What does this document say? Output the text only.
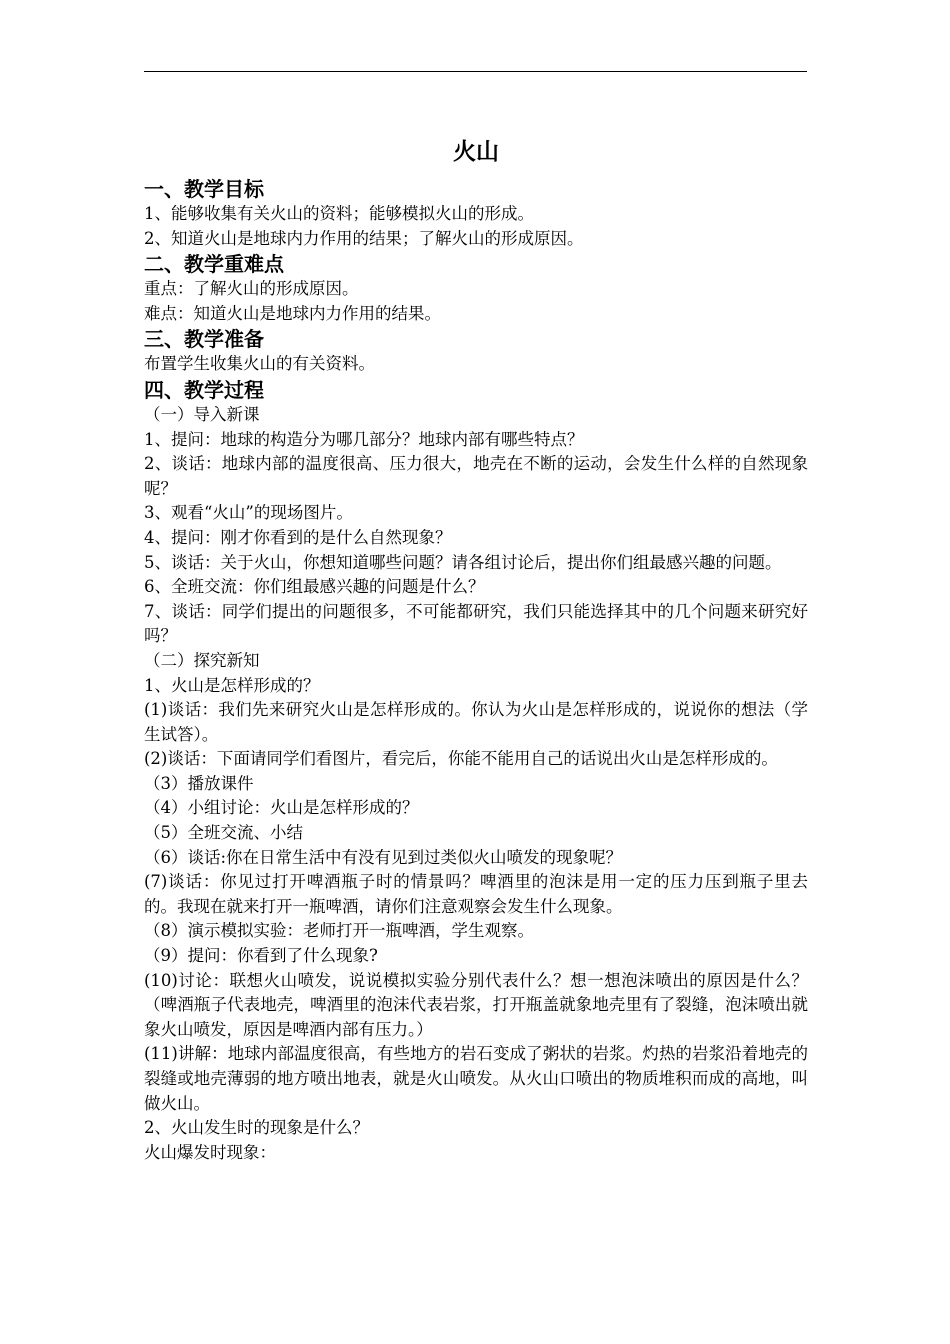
火山
一、教学目标

1、能够收集有关火山的资料；能够模拟火山的形成。

2、知道火山是地球内力作用的结果；了解火山的形成原因。

二、教学重难点

重点：了解火山的形成原因。

难点：知道火山是地球内力作用的结果。

三、教学准备

布置学生收集火山的有关资料。

四、教学过程

（一）导入新课

1、提问：地球的构造分为哪几部分？地球内部有哪些特点？

2、谈话：地球内部的温度很高、压力很大，地壳在不断的运动，会发生什么样的自然现象呢？

3、观看“火山”的现场图片。

4、提问：刚才你看到的是什么自然现象？

5、谈话：关于火山，你想知道哪些问题？请各组讨论后，提出你们组最感兴趣的问题。

6、全班交流：你们组最感兴趣的问题是什么？

7、谈话：同学们提出的问题很多，不可能都研究，我们只能选择其中的几个问题来研究好吗？

（二）探究新知

1、火山是怎样形成的？

(1)谈话：我们先来研究火山是怎样形成的。你认为火山是怎样形成的，说说你的想法（学生试答）。

(2)谈话：下面请同学们看图片，看完后，你能不能用自己的话说出火山是怎样形成的。

（3）播放课件

（4）小组讨论：火山是怎样形成的？

（5）全班交流、小结

（6）谈话:你在日常生活中有没有见到过类似火山喷发的现象呢？

(7)谈话：你见过打开啤酒瓶子时的情景吗？啤酒里的泡沫是用一定的压力压到瓶子里去的。我现在就来打开一瓶啤酒，请你们注意观察会发生什么现象。

（8）演示模拟实验：老师打开一瓶啤酒，学生观察。

（9）提问：你看到了什么现象?

(10)讨论：联想火山喷发，说说模拟实验分别代表什么？想一想泡沫喷出的原因是什么？（啤酒瓶子代表地壳，啤酒里的泡沫代表岩浆，打开瓶盖就象地壳里有了裂缝，泡沫喷出就象火山喷发，原因是啤酒内部有压力。）

(11)讲解：地球内部温度很高，有些地方的岩石变成了粥状的岩浆。灼热的岩浆沿着地壳的裂缝或地壳薄弱的地方喷出地表，就是火山喷发。从火山口喷出的物质堆积而成的高地，叫做火山。

2、火山发生时的现象是什么？

火山爆发时现象：
